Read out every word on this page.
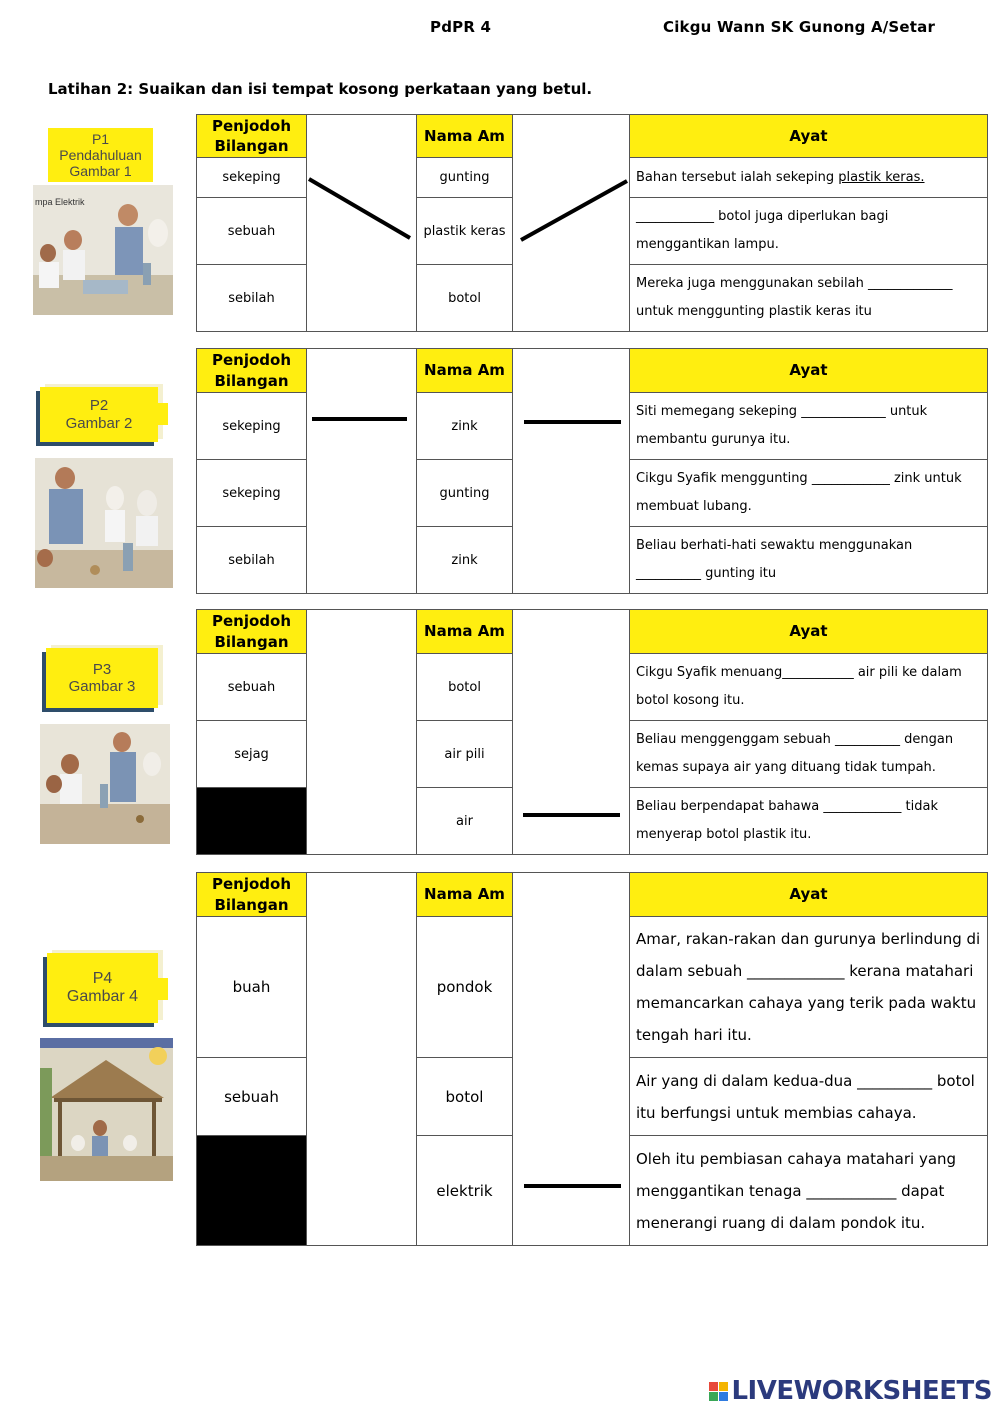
PdPR 4	Cikgu Wann SK Gunong A/Setar
Latihan 2: Suaikan dan isi tempat kosong perkataan yang betul.
P1
Pendahuluan
Gambar 1
mpa Elektrik
Penjodoh Bilangan		Nama Am		Ayat
sekeping		gunting		Bahan tersebut ialah sekeping plastik keras.
sebuah		plastik keras		____________ botol juga diperlukan bagi menggantikan lampu.
sebilah		botol		Mereka juga menggunakan sebilah _____________ untuk menggunting plastik keras itu
P2
Gambar 2
Penjodoh Bilangan		Nama Am		Ayat
sekeping		zink		Siti memegang sekeping _____________ untuk membantu gurunya itu.
sekeping		gunting		Cikgu Syafik menggunting ____________ zink untuk membuat lubang.
sebilah		zink		Beliau berhati-hati sewaktu menggunakan __________ gunting itu
P3
Gambar 3
Penjodoh Bilangan		Nama Am		Ayat
sebuah		botol		Cikgu Syafik menuang___________ air pili ke dalam botol kosong itu.
sejag		air pili		Beliau menggenggam sebuah __________ dengan kemas supaya air yang dituang tidak tumpah.
		air		Beliau berpendapat bahawa ____________ tidak menyerap botol plastik itu.
P4
Gambar 4
Penjodoh Bilangan		Nama Am		Ayat
buah		pondok		Amar, rakan-rakan dan gurunya berlindung di dalam sebuah _____________ kerana matahari memancarkan cahaya yang terik pada waktu tengah hari itu.
sebuah		botol		Air yang di dalam kedua-dua __________ botol itu berfungsi untuk membias cahaya.
		elektrik		Oleh itu pembiasan cahaya matahari yang menggantikan tenaga ____________ dapat menerangi ruang di dalam pondok itu.
LIVEWORKSHEETS
